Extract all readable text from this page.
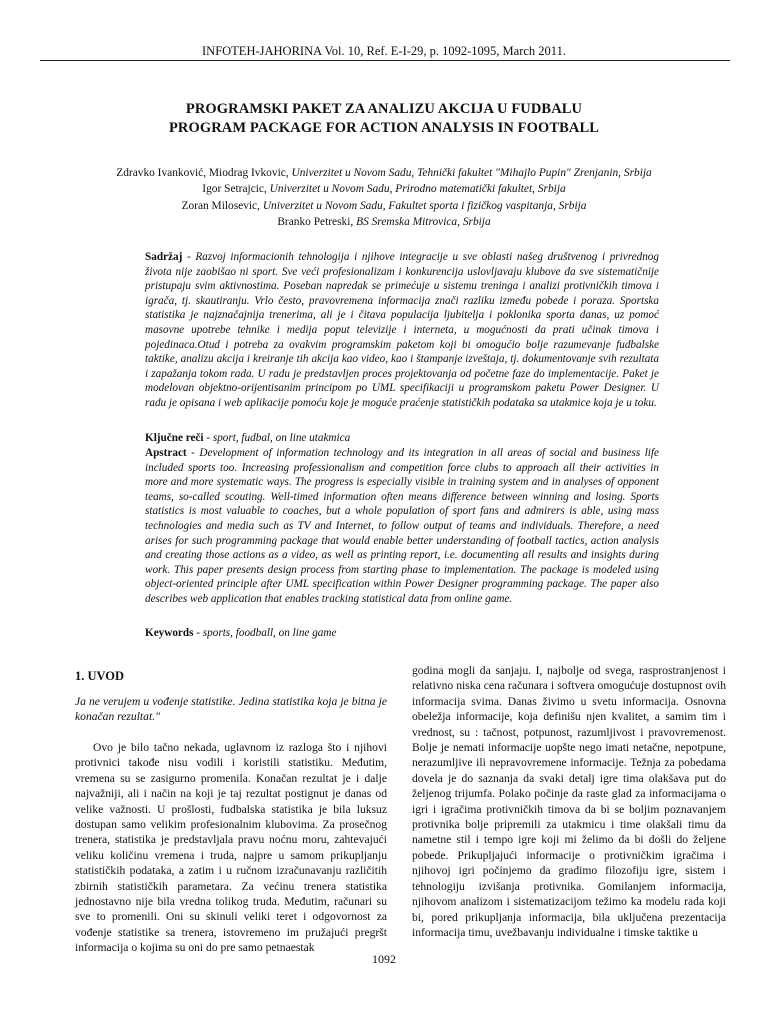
INFOTEH-JAHORINA Vol. 10, Ref. E-I-29, p. 1092-1095, March 2011.
PROGRAMSKI PAKET ZA ANALIZU AKCIJA U FUDBALU
PROGRAM PACKAGE FOR ACTION ANALYSIS IN FOOTBALL
Zdravko Ivanković, Miodrag Ivkovic, Univerzitet u Novom Sadu, Tehnički fakultet "Mihajlo Pupin" Zrenjanin, Srbija
Igor Setrajcic, Univerzitet u Novom Sadu, Prirodno matematički fakultet, Srbija
Zoran Milosevic, Univerzitet u Novom Sadu, Fakultet sporta i fizičkog vaspitanja, Srbija
Branko Petreski, BS Sremska Mitrovica, Srbija
Sadržaj - Razvoj informacionih tehnologija i njihove integracije u sve oblasti našeg društvenog i privrednog života nije zaobišao ni sport. Sve veći profesionalizam i konkurencija uslovljavaju klubove da sve sistematičnije pristupaju svim aktivnostima. Poseban napredak se primećuje u sistemu treninga i analizi protivničkih timova i igrača, tj. skautiranju. Vrlo često, pravovremena informacija znači razliku između pobede i poraza. Sportska statistika je najznačajnija trenerima, ali je i čitava populacija ljubitelja i poklonika sporta danas, uz pomoć masovne upotrebe tehnike i medija poput televizije i interneta, u mogućnosti da prati učinak timova i pojedinaca.Otud i potreba za ovakvim programskim paketom koji bi omogućio bolje razumevanje fudbalske taktike, analizu akcija i kreiranje tih akcija kao video, kao i štampanje izveštaja, tj. dokumentovanje svih rezultata i zapažanja tokom rada. U radu je predstavljen proces projektovanja od početne faze do implementacije. Paket je modelovan objektno-orijentisanim principom po UML specifikaciji u programskom paketu Power Designer. U radu je opisana i web aplikacije pomoću koje je moguće praćenje statističkih podataka sa utakmice koja je u toku.
Ključne reči - sport, fudbal, on line utakmica
Apstract - Development of information technology and its integration in all areas of social and business life included sports too. Increasing professionalism and competition force clubs to approach all their activities in more and more systematic ways. The progress is especially visible in training system and in analyses of opponent teams, so-called scouting. Well-timed information often means difference between winning and losing. Sports statistics is most valuable to coaches, but a whole population of sport fans and admirers is able, using mass technologies and media such as TV and Internet, to follow output of teams and individuals. Therefore, a need arises for such programming package that would enable better understanding of football tactics, action analysis and creating those actions as a video, as well as printing report, i.e. documenting all results and insights during work. This paper presents design process from starting phase to implementation. The package is modeled using object-oriented principle after UML specification within Power Designer programming package. The paper also describes web application that enables tracking statistical data from online game.
Keywords - sports, foodball, on line game
1. UVOD
Ja ne verujem u vođenje statistike. Jedina statistika koja je bitna je konačan rezultat."
Ovo je bilo tačno nekada, uglavnom iz razloga što i njihovi protivnici takođe nisu vodili i koristili statistiku. Međutim, vremena su se zasigurno promenila. Konačan rezultat je i dalje najvažniji, ali i način na koji je taj rezultat postignut je danas od velike važnosti. U prošlosti, fudbalska statistika je bila luksuz dostupan samo velikim profesionalnim klubovima. Za prosečnog trenera, statistika je predstavljala pravu noćnu moru, zahtevajući veliku količinu vremena i truda, najpre u samom prikupljanju statističkih podataka, a zatim i u ručnom izračunavanju različitih zbirnih statističkih parametara. Za većinu trenera statistika jednostavno nije bila vredna tolikog truda. Međutim, računari su sve to promenili. Oni su skinuli veliki teret i odgovornost za vođenje statistike sa trenera, istovremeno im pružajući pregršt informacija o kojima su oni do pre samo petnaestak
godina mogli da sanjaju. I, najbolje od svega, rasprostranjenost i relativno niska cena računara i softvera omogućuje dostupnost ovih informacija svima. Danas živimo u svetu informacija. Osnovna obeležja informacije, koja definišu njen kvalitet, a samim tim i vrednost, su : tačnost, potpunost, razumljivost i pravovremenost. Bolje je nemati informacije uopšte nego imati netačne, nepotpune, nerazumljive ili nepravovremene informacije. Težnja za pobedama dovela je do saznanja da svaki detalj igre tima olakšava put do željenog trijumfa. Polako počinje da raste glad za informacijama o igri i igračima protivničkih timova da bi se boljim poznavanjem protivnika bolje pripremili za utakmicu i time olakšali timu da nametne stil i tempo igre koji mi želimo da bi došli do željene pobede. Prikupljajući informacije o protivničkim igračima i njihovoj igri počinjemo da gradimo filozofiju igre, sistem i tehnologiju izvišanja protivnika. Gomilanjem informacija, njihovom analizom i sistematizacijom težimo ka modelu rada koji bi, pored prikupljanja informacija, bila uključena prezentacija informacija timu, uvežbavanju individualne i timske taktike u
1092
